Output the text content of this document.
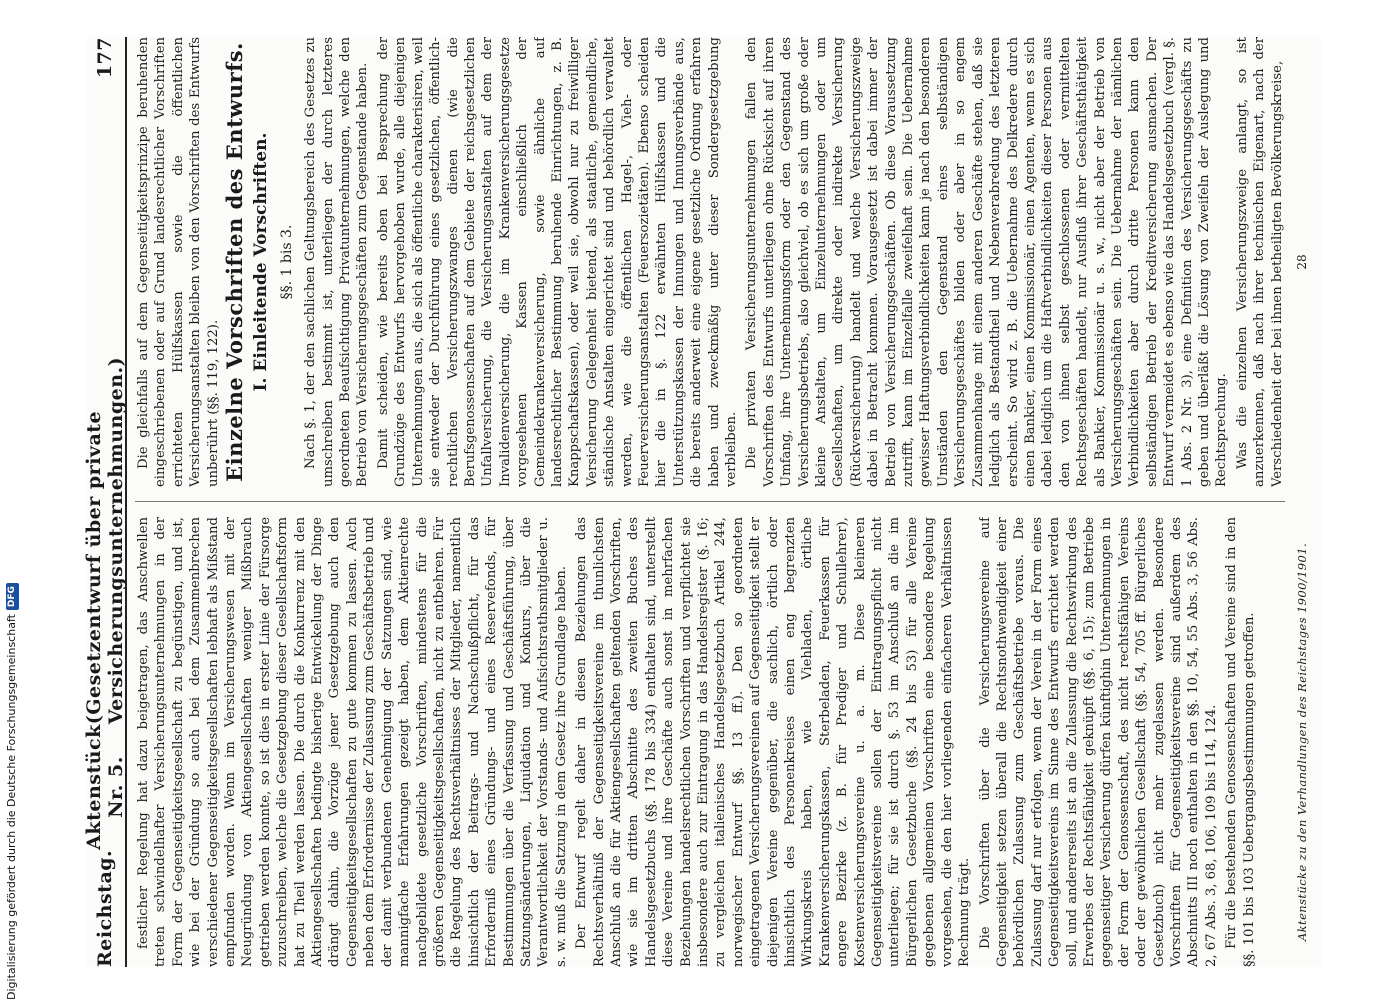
Reichstag.
Aktenstück Nr. 5.
(Gesetzentwurf über private Versicherungsunternehmungen.)
177

festlicher Regelung hat dazu beigetragen, das Anschwellen treten schwindelhafter Versicherungsunternehmungen in der Form der Gegenseitigkeitsgesellschaft zu begünstigen, und ist, wie bei der Gründung so auch bei dem Zusammenbrechen verschiedener Gegenseitigkeitsgesellschaften lebhaft als Mißstand empfunden worden. Wenn im Versicherungswesen mit der Neugründung von Aktiengesellschaften weniger Mißbrauch getrieben werden konnte, so ist dies in erster Linie der Fürsorge zuzuschreiben, welche die Gesetzgebung dieser Gesellschaftsform hat zu Theil werden lassen. Die durch die Konkurrenz mit den Aktiengesellschaften bedingte bisherige Entwickelung der Dinge drängt dahin, die Vorzüge jener Gesetzgebung auch den Gegenseitigkeitsgesellschaften zu gute kommen zu lassen. Auch neben dem Erfordernisse der Zulassung zum Geschäftsbetrieb und der damit verbundenen Genehmigung der Satzungen sind, wie mannigfache Erfahrungen gezeigt haben, dem Aktienrechte nachgebildete gesetzliche Vorschriften, mindestens für die größeren Gegenseitigkeitsgesellschaften, nicht zu entbehren. Für die Regelung des Rechtsverhältnisses der Mitglieder, namentlich hinsichtlich der Beitrags- und Nachschußpflicht, für das Erforderniß eines Gründungs- und eines Reservefonds, für Bestimmungen über die Verfassung und Geschäftsführung, über Satzungsänderungen, Liquidation und Konkurs, über die Verantwortlichkeit der Vorstands- und Aufsichtsrathsmitglieder u. s. w. muß die Satzung in dem Gesetz ihre Grundlage haben. Der Entwurf regelt daher in diesen Beziehungen das Rechtsverhältniß der Gegenseitigkeitsvereine im thunlichsten Anschluß an die für Aktiengesellschaften geltenden Vorschriften, wie sie im dritten Abschnitte des zweiten Buches des Handelsgesetzbuchs (§§. 178 bis 334) enthalten sind, unterstellt diese Vereine und ihre Geschäfte auch sonst in mehrfachen Beziehungen handelsrechtlichen Vorschriften und verpflichtet sie insbesondere auch zur Eintragung in das Handelsregister (§. 16; zu vergleichen italienisches Handelsgesetzbuch Artikel 244, norwegischer Entwurf §§. 13 ff.). Den so geordneten eingetragenen Versicherungsvereinen auf Gegenseitigkeit stellt er diejenigen Vereine gegenüber, die sachlich, örtlich oder hinsichtlich des Personenkreises einen eng begrenzten Wirkungskreis haben, wie Viehladen, örtliche Krankenversicherungskassen, Sterbeladen, Feuerkassen für engere Bezirke (z. B. für Prediger und Schullehrer), Kostenversicherungsvereine u. a. m. Diese kleineren Gegenseitigkeitsvereine sollen der Eintragungspflicht nicht unterliegen; für sie ist durch §. 53 im Anschluß an die im Bürgerlichen Gesetzbuche (§§. 24 bis 53) für alle Vereine gegebenen allgemeinen Vorschriften eine besondere Regelung vorgesehen, die den hier vorliegenden einfacheren Verhältnissen Rechnung trägt. Die Vorschriften über die Versicherungsvereine auf Gegenseitigkeit setzen überall die Rechtsnothwendigkeit einer behördlichen Zulassung zum Geschäftsbetriebe voraus. Die Zulassung darf nur erfolgen, wenn der Verein in der Form eines Gegenseitigkeitsvereins im Sinne des Entwurfs errichtet werden soll, und andererseits ist an die Zulassung die Rechtswirkung des Erwerbes der Rechtsfähigkeit geknüpft (§§. 6, 15); zum Betriebe gegenseitiger Versicherung dürfen künftighin Unternehmungen in der Form der Genossenschaft, des nicht rechtsfähigen Vereins oder der gewöhnlichen Gesellschaft (§§. 54, 705 ff. Bürgerliches Gesetzbuch) nicht mehr zugelassen werden. Besondere Vorschriften für Gegenseitigkeitsvereine sind außerdem des Abschnitts III noch enthalten in den §§. 10, 54, 55 Abs. 3, 56 Abs. 2, 67 Abs. 3, 68, 106, 109 bis 114, 124. Für die bestehenden Genossenschaften und Vereine sind in den §§. 101 bis 103 Uebergangsbestimmungen getroffen.

Die gleichfalls auf dem Gegenseitigkeitsprinzipe beruhenden eingeschriebenen oder auf Grund landesrechtlicher Vorschriften errichteten Hülfskassen sowie die öffentlichen Versicherungsanstalten bleiben von den Vorschriften des Entwurfs unberührt (§§. 119, 122). Einzelne Vorschriften des Entwurfs. I. Einleitende Vorschriften. §§. 1 bis 3. Nach §. 1, der den sachlichen Geltungsbereich des Gesetzes zu umschreiben bestimmt ist, unterliegen der durch letzteres geordneten Beaufsichtigung Privatunternehmungen, welche den Betrieb von Versicherungsgeschäften zum Gegenstande haben. Damit scheiden, wie bereits oben bei Besprechung der Grundzüge des Entwurfs hervorgehoben wurde, alle diejenigen Unternehmungen aus, die sich als öffentliche charakterisiren, weil sie entweder der Durchführung eines gesetzlichen, öffentlich-rechtlichen Versicherungszwanges dienen (wie die Berufsgenossenschaften auf dem Gebiete der reichsgesetzlichen Unfallversicherung, die Versicherungsanstalten auf dem der Invalidenversicherung, die im Krankenversicherungsgesetze vorgesehenen Kassen einschließlich der Gemeindekrankenversicherung, sowie ähnliche auf landesrechtlicher Bestimmung beruhende Einrichtungen, z. B. Knappschaftskassen), oder weil sie, obwohl nur zu freiwilliger Versicherung Gelegenheit bietend, als staatliche, gemeindliche, ständische Anstalten eingerichtet sind und behördlich verwaltet werden, wie die öffentlichen Hagel-, Vieh- oder Feuerversicherungsanstalten (Feuersozietäten). Ebenso scheiden hier die in §. 122 erwähnten Hülfskassen und die Unterstützungskassen der Innungen und Innungsverbände aus, die bereits anderweit eine eigene gesetzliche Ordnung erfahren haben und zweckmäßig unter dieser Sondergesetzgebung verbleiben. Die privaten Versicherungsunternehmungen fallen den Vorschriften des Entwurfs unterliegen ohne Rücksicht auf ihren Umfang, ihre Unternehmungsform oder den Gegenstand des Versicherungsbetriebs, also gleichviel, ob es sich um große oder kleine Anstalten, um Einzelunternehmungen oder um Gesellschaften, um direkte oder indirekte Versicherung (Rückversicherung) handelt und welche Versicherungszweige dabei in Betracht kommen. Vorausgesetzt ist dabei immer der Betrieb von Versicherungsgeschäften. Ob diese Voraussetzung zutrifft, kann im Einzelfalle zweifelhaft sein. Die Uebernahme gewisser Haftungsverbindlichkeiten kann je nach den besonderen Umständen den Gegenstand eines selbständigen Versicherungsgeschäftes bilden oder aber in so engem Zusammenhange mit einem anderen Geschäfte stehen, daß sie lediglich als Bestandtheil und Nebenverabredung des letzteren erscheint. So wird z. B. die Uebernahme des Delkredere durch einen Bankier, einen Kommissionär, einen Agenten, wenn es sich dabei lediglich um die Haftverbindlichkeiten dieser Personen aus den von ihnen selbst geschlossenen oder vermittelten Rechtsgeschäften handelt, nur Ausfluß ihrer Geschäftsthätigkeit als Bankier, Kommissionär u. s. w., nicht aber der Betrieb von Versicherungsgeschäften sein. Die Uebernahme der nämlichen Verbindlichkeiten aber durch dritte Personen kann den selbständigen Betrieb der Kreditversicherung ausmachen. Der Entwurf vermeidet es ebenso wie das Handelsgesetzbuch (vergl. §. 1 Abs. 2 Nr. 3), eine Definition des Versicherungsgeschäfts zu geben und überläßt die Lösung von Zweifeln der Auslegung und Rechtsprechung. Was die einzelnen Versicherungszweige anlangt, so ist anzuerkennen, daß nach ihrer technischen Eigenart, nach der Verschiedenheit der bei ihnen betheiligten Bevölkerungskreise,

Aktenstücke zu den Verhandlungen des Reichstages 1900/1901.
28
Digitalisierung gefördert durch die Deutsche Forschungsgemeinschaft
DFG
